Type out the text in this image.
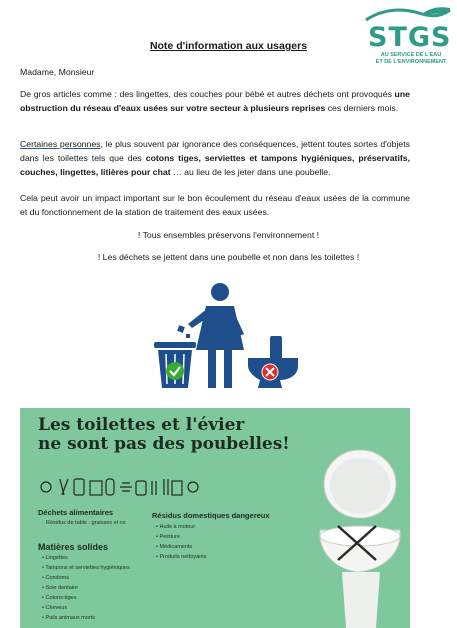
STGS
AU SERVICE DE L'EAU
ET DE L'ENVIRONNEMENT
Note d'information aux usagers
Madame, Monsieur
De gros articles comme : des lingettes, des couches pour bébé et autres déchets ont provoqués une obstruction du réseau d'eaux usées sur votre secteur à plusieurs reprises ces derniers mois.
Certaines personnes, le plus souvent par ignorance des conséquences, jettent toutes sortes d'objets dans les toilettes tels que des cotons tiges, serviettes et tampons hygiéniques, préservatifs, couches, lingettes, litières pour chat … au lieu de les jeter dans une poubelle.
Cela peut avoir un impact important sur le bon écoulement du réseau d'eaux usées de la commune et du fonctionnement de la station de traitement des eaux usées.
! Tous ensembles préservons l'environnement !
! Les déchets se jettent dans une poubelle et non dans les toilettes !
Les toilettes et l'évier
ne sont pas des poubelles!
Déchets alimentaires
Résidus de table : graisses et os
Matières solides
• Lingettes
• Tampons et serviettes hygiéniques
• Condoms
• Soie dentaire
• Cotons-tiges
• Cheveux
• Poils animaux morts
Résidus domestiques dangereux
• Huile à moteur
• Peinture
• Médicaments
• Produits nettoyants
